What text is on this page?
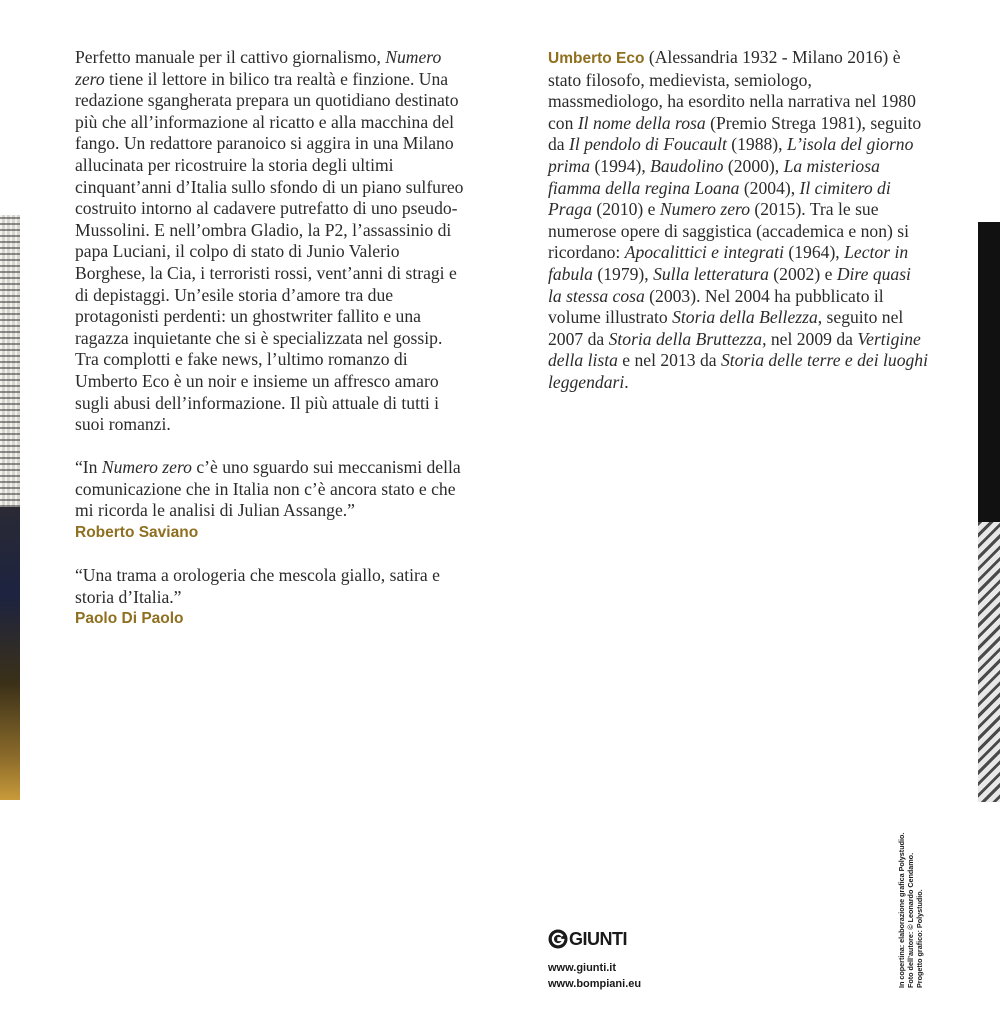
Perfetto manuale per il cattivo giornalismo, Numero zero tiene il lettore in bilico tra realtà e finzione. Una redazione sgangherata prepara un quotidiano destinato più che all’informazione al ricatto e alla macchina del fango. Un redattore paranoico si aggira in una Milano allucinata per ricostruire la storia degli ultimi cinquant’anni d’Italia sullo sfondo di un piano sulfureo costruito intorno al cadavere putrefatto di uno pseudo-Mussolini. E nell’ombra Gladio, la P2, l’assassinio di papa Luciani, il colpo di stato di Junio Valerio Borghese, la Cia, i terroristi rossi, vent’anni di stragi e di depistaggi. Un’esile storia d’amore tra due protagonisti perdenti: un ghostwriter fallito e una ragazza inquietante che si è specializzata nel gossip. Tra complotti e fake news, l’ultimo romanzo di Umberto Eco è un noir e insieme un affresco amaro sugli abusi dell’informazione. Il più attuale di tutti i suoi romanzi.

“In Numero zero c’è uno sguardo sui meccanismi della comunicazione che in Italia non c’è ancora stato e che mi ricorda le analisi di Julian Assange.”
Roberto Saviano

“Una trama a orologeria che mescola giallo, satira e storia d’Italia.”
Paolo Di Paolo

Umberto Eco (Alessandria 1932 - Milano 2016) è stato filosofo, medievista, semiologo, massmediologo, ha esordito nella narrativa nel 1980 con Il nome della rosa (Premio Strega 1981), seguito da Il pendolo di Foucault (1988), L’isola del giorno prima (1994), Baudolino (2000), La misteriosa fiamma della regina Loana (2004), Il cimitero di Praga (2010) e Numero zero (2015). Tra le sue numerose opere di saggistica (accademica e non) si ricordano: Apocalittici e integrati (1964), Lector in fabula (1979), Sulla letteratura (2002) e Dire quasi la stessa cosa (2003). Nel 2004 ha pubblicato il volume illustrato Storia della Bellezza, seguito nel 2007 da Storia della Bruttezza, nel 2009 da Vertigine della lista e nel 2013 da Storia delle terre e dei luoghi leggendari.

GIUNTI
www.giunti.it
www.bompiani.eu	In copertina: elaborazione grafica Polystudio. Foto dell’autore: © Leonardo Cendamo. Progetto grafico: Polystudio.
